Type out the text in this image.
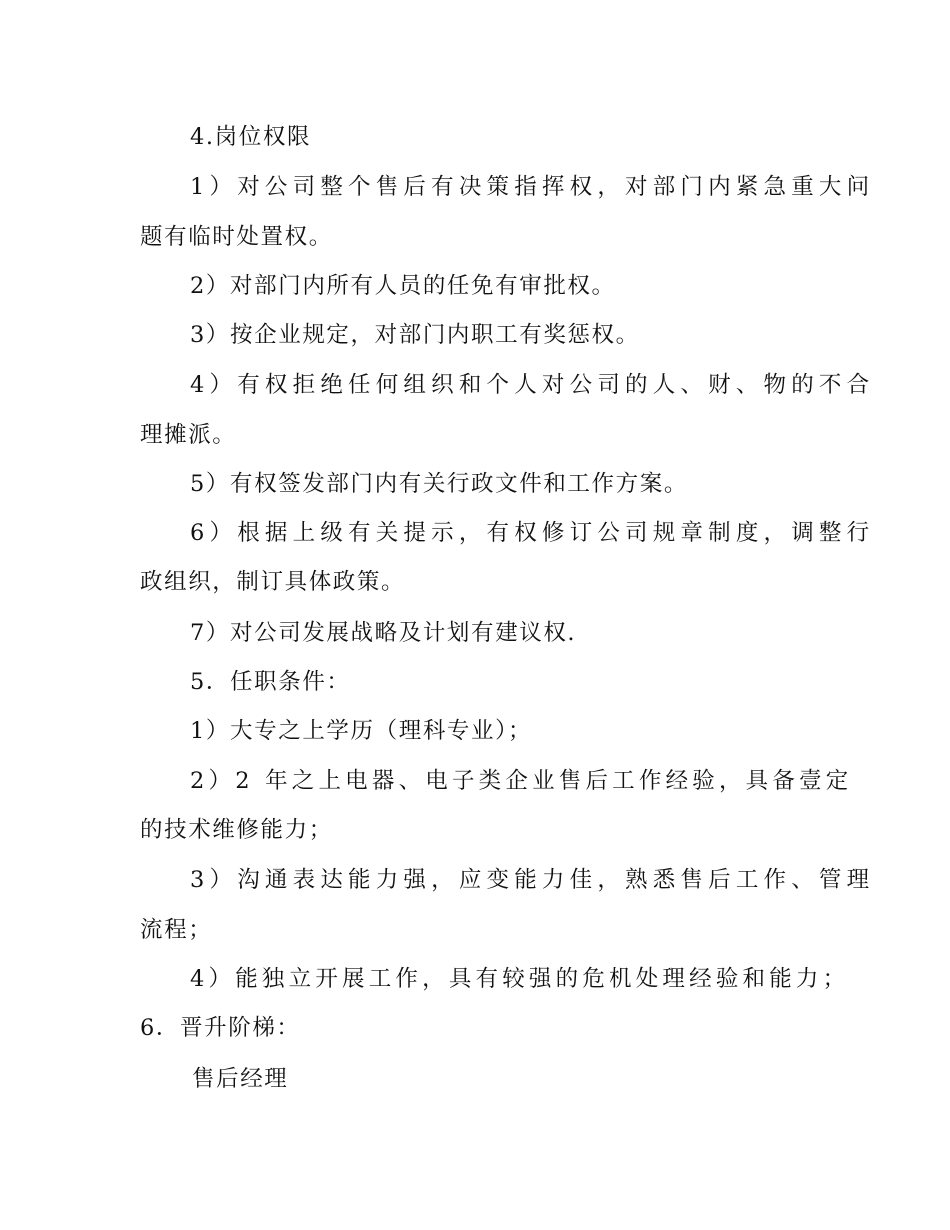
4.岗位权限
1）对公司整个售后有决策指挥权，对部门内紧急重大问
题有临时处置权。
2）对部门内所有人员的任免有审批权。
3）按企业规定，对部门内职工有奖惩权。
4）有权拒绝任何组织和个人对公司的人、财、物的不合
理摊派。
5）有权签发部门内有关行政文件和工作方案。
6）根据上级有关提示，有权修订公司规章制度，调整行
政组织，制订具体政策。
7）对公司发展战略及计划有建议权.
5．任职条件：
1）大专之上学历（理科专业）；
2）2 年之上电器、电子类企业售后工作经验，具备壹定
的技术维修能力；
3）沟通表达能力强，应变能力佳，熟悉售后工作、管理
流程；
4）能独立开展工作，具有较强的危机处理经验和能力；
6．晋升阶梯：
售后经理
